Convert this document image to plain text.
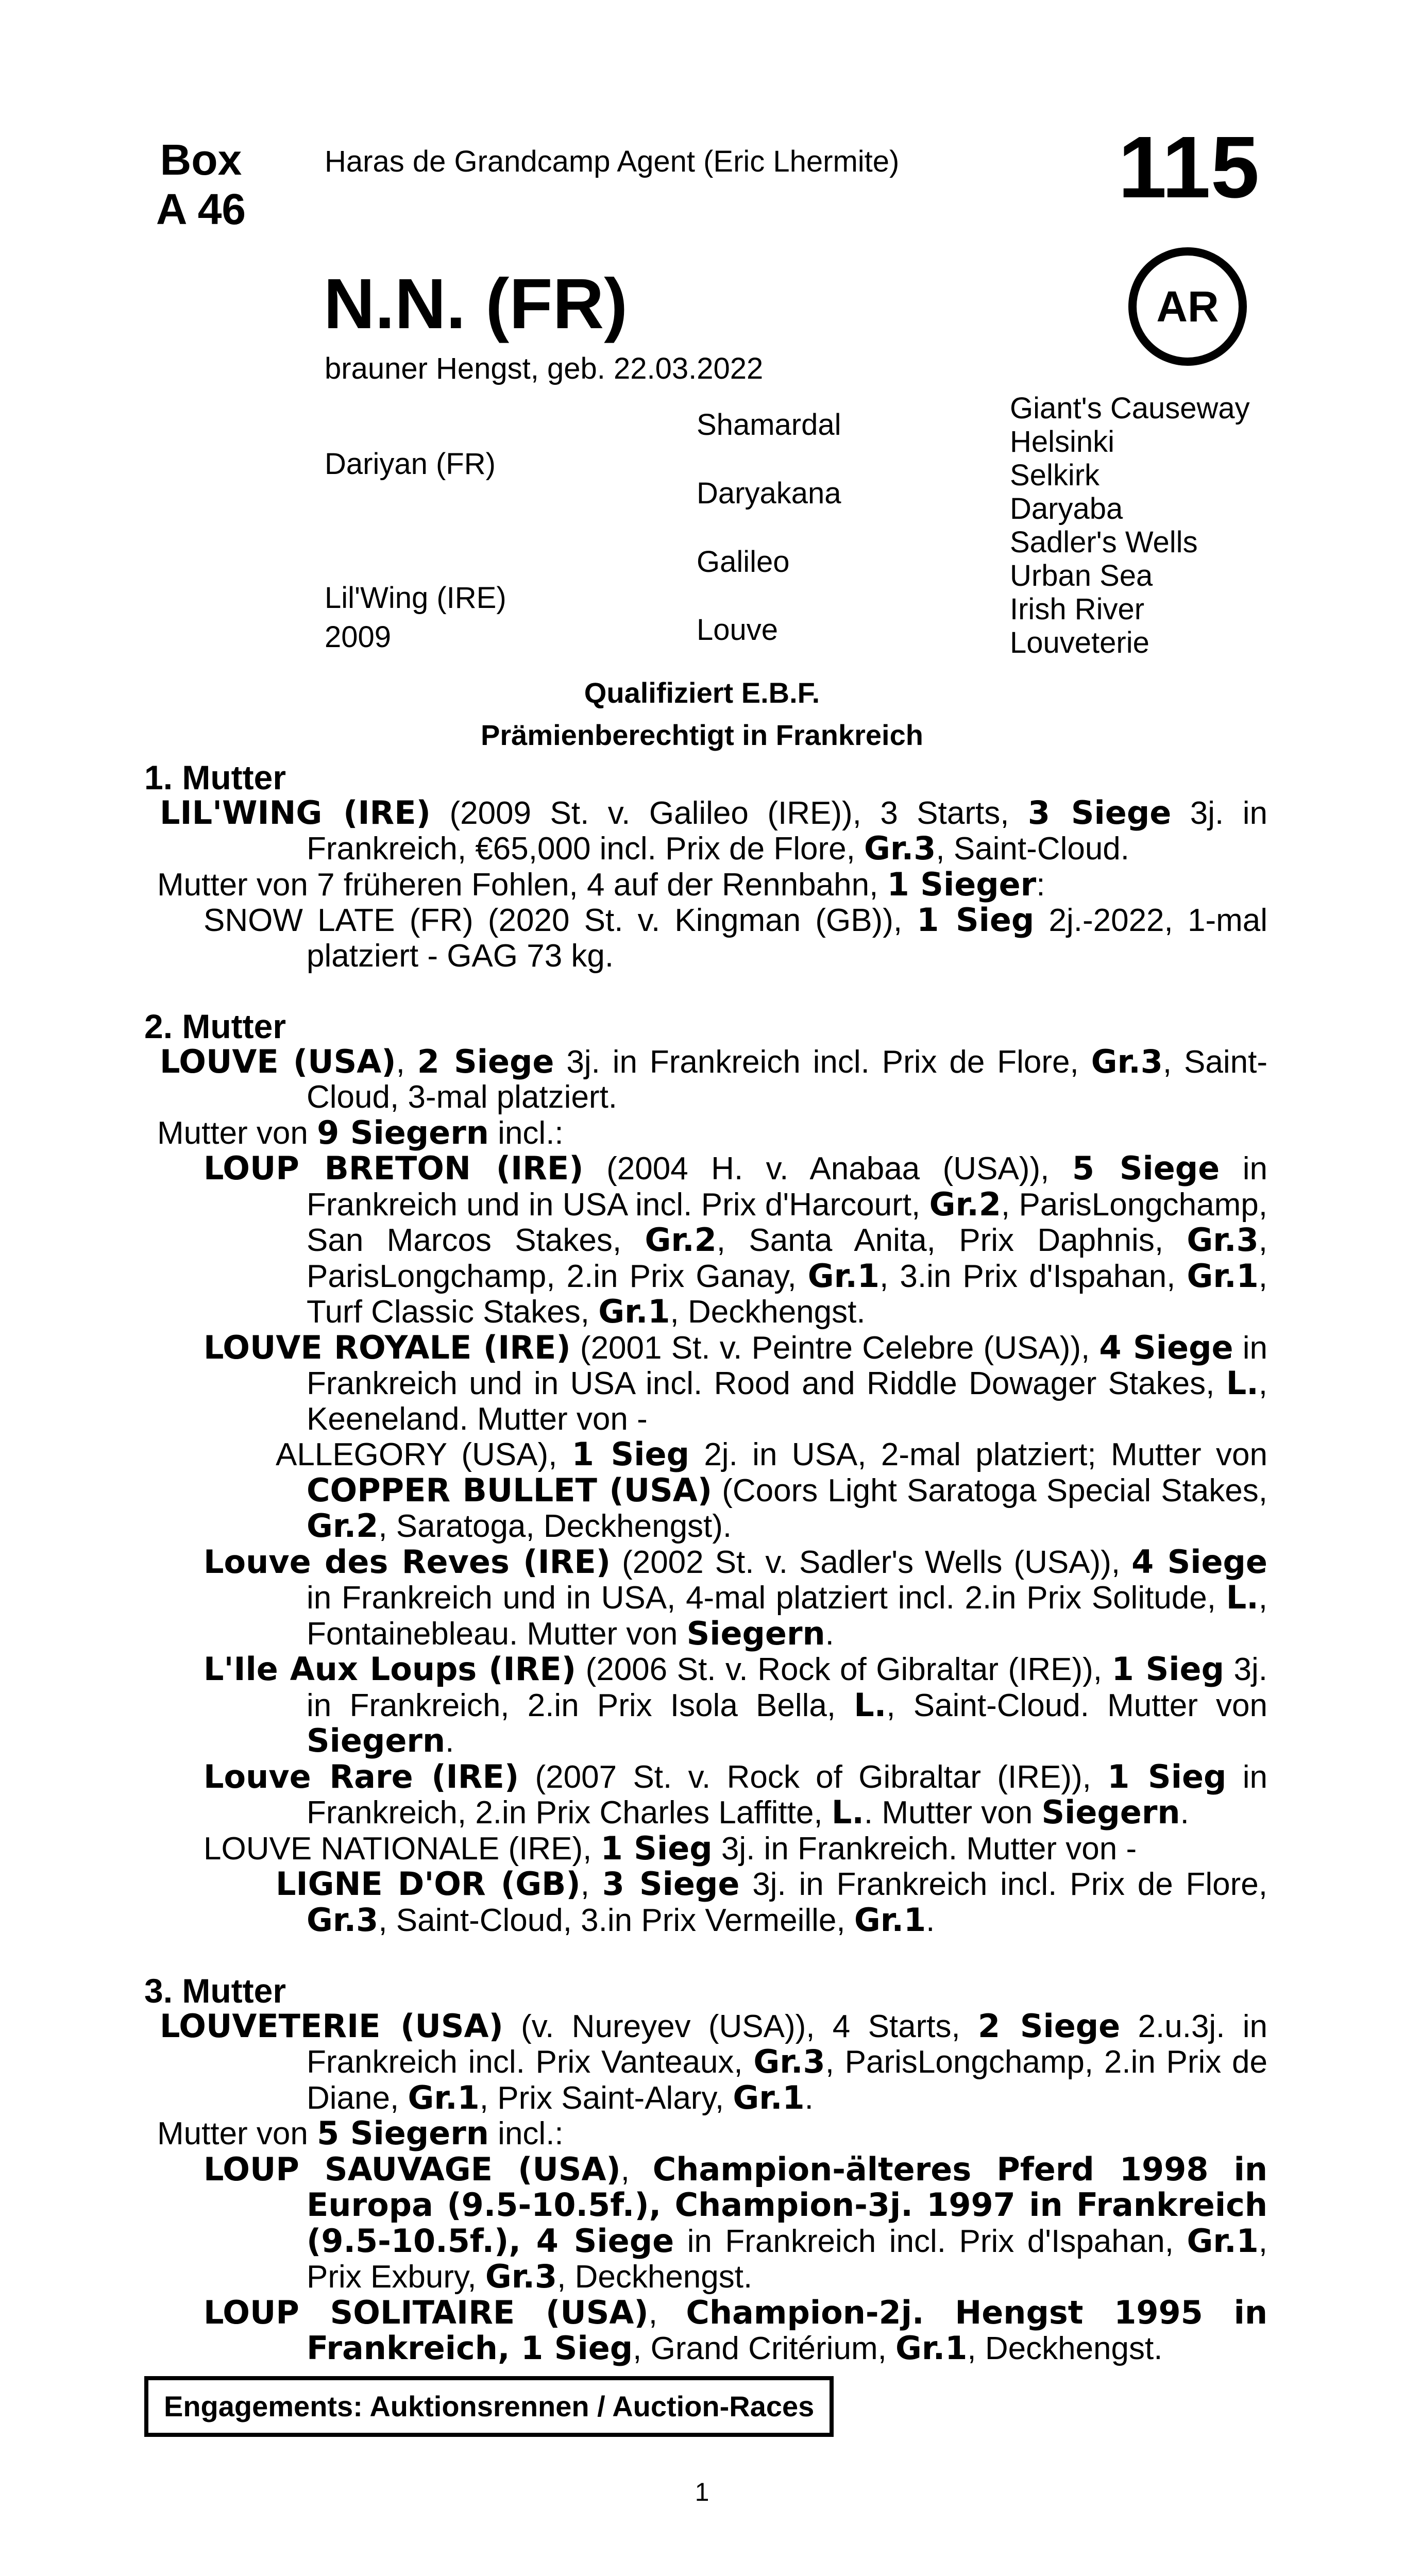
Box
A 46
Haras de Grandcamp Agent (Eric Lhermite) 115
AR
N.N. (FR)
brauner Hengst, geb. 22.03.2022
Dariyan (FR)
Lil'Wing (IRE)
2009
Shamardal
Daryakana
Galileo
Louve
Giant's Causeway
Helsinki
Selkirk
Daryaba
Sadler's Wells
Urban Sea
Irish River
Louveterie
Qualifiziert E.B.F.
Prämienberechtigt in Frankreich

1. Mutter

LIL'WING (IRE) (2009 St. v. Galileo (IRE)), 3 Starts, 3 Siege 3j. in Frankreich, €65,000 incl. Prix de Flore, Gr.3, Saint-Cloud.

Mutter von 7 früheren Fohlen, 4 auf der Rennbahn, 1 Sieger:

SNOW LATE (FR) (2020 St. v. Kingman (GB)), 1 Sieg 2j.-2022, 1-mal platziert - GAG 73 kg.

2. Mutter

LOUVE (USA), 2 Siege 3j. in Frankreich incl. Prix de Flore, Gr.3, Saint-Cloud, 3-mal platziert.

Mutter von 9 Siegern incl.:

LOUP BRETON (IRE) (2004 H. v. Anabaa (USA)), 5 Siege in Frankreich und in USA incl. Prix d'Harcourt, Gr.2, ParisLongchamp, San Marcos Stakes, Gr.2, Santa Anita, Prix Daphnis, Gr.3, ParisLongchamp, 2.in Prix Ganay, Gr.1, 3.in Prix d'Ispahan, Gr.1, Turf Classic Stakes, Gr.1, Deckhengst.

LOUVE ROYALE (IRE) (2001 St. v. Peintre Celebre (USA)), 4 Siege in Frankreich und in USA incl. Rood and Riddle Dowager Stakes, L., Keeneland. Mutter von -

ALLEGORY (USA), 1 Sieg 2j. in USA, 2-mal platziert; Mutter von COPPER BULLET (USA) (Coors Light Saratoga Special Stakes, Gr.2, Saratoga, Deckhengst).

Louve des Reves (IRE) (2002 St. v. Sadler's Wells (USA)), 4 Siege in Frankreich und in USA, 4-mal platziert incl. 2.in Prix Solitude, L., Fontainebleau. Mutter von Siegern.

L'Ile Aux Loups (IRE) (2006 St. v. Rock of Gibraltar (IRE)), 1 Sieg 3j. in Frankreich, 2.in Prix Isola Bella, L., Saint-Cloud. Mutter von Siegern.

Louve Rare (IRE) (2007 St. v. Rock of Gibraltar (IRE)), 1 Sieg in Frankreich, 2.in Prix Charles Laffitte, L.. Mutter von Siegern.

LOUVE NATIONALE (IRE), 1 Sieg 3j. in Frankreich. Mutter von -

LIGNE D'OR (GB), 3 Siege 3j. in Frankreich incl. Prix de Flore, Gr.3, Saint-Cloud, 3.in Prix Vermeille, Gr.1.

3. Mutter

LOUVETERIE (USA) (v. Nureyev (USA)), 4 Starts, 2 Siege 2.u.3j. in Frankreich incl. Prix Vanteaux, Gr.3, ParisLongchamp, 2.in Prix de Diane, Gr.1, Prix Saint-Alary, Gr.1.

Mutter von 5 Siegern incl.:

LOUP SAUVAGE (USA), Champion-älteres Pferd 1998 in Europa (9.5-10.5f.), Champion-3j. 1997 in Frankreich (9.5-10.5f.), 4 Siege in Frankreich incl. Prix d'Ispahan, Gr.1, Prix Exbury, Gr.3, Deckhengst.

LOUP SOLITAIRE (USA), Champion-2j. Hengst 1995 in Frankreich, 1 Sieg, Grand Critérium, Gr.1, Deckhengst.

Engagements: Auktionsrennen / Auction-Races
1
